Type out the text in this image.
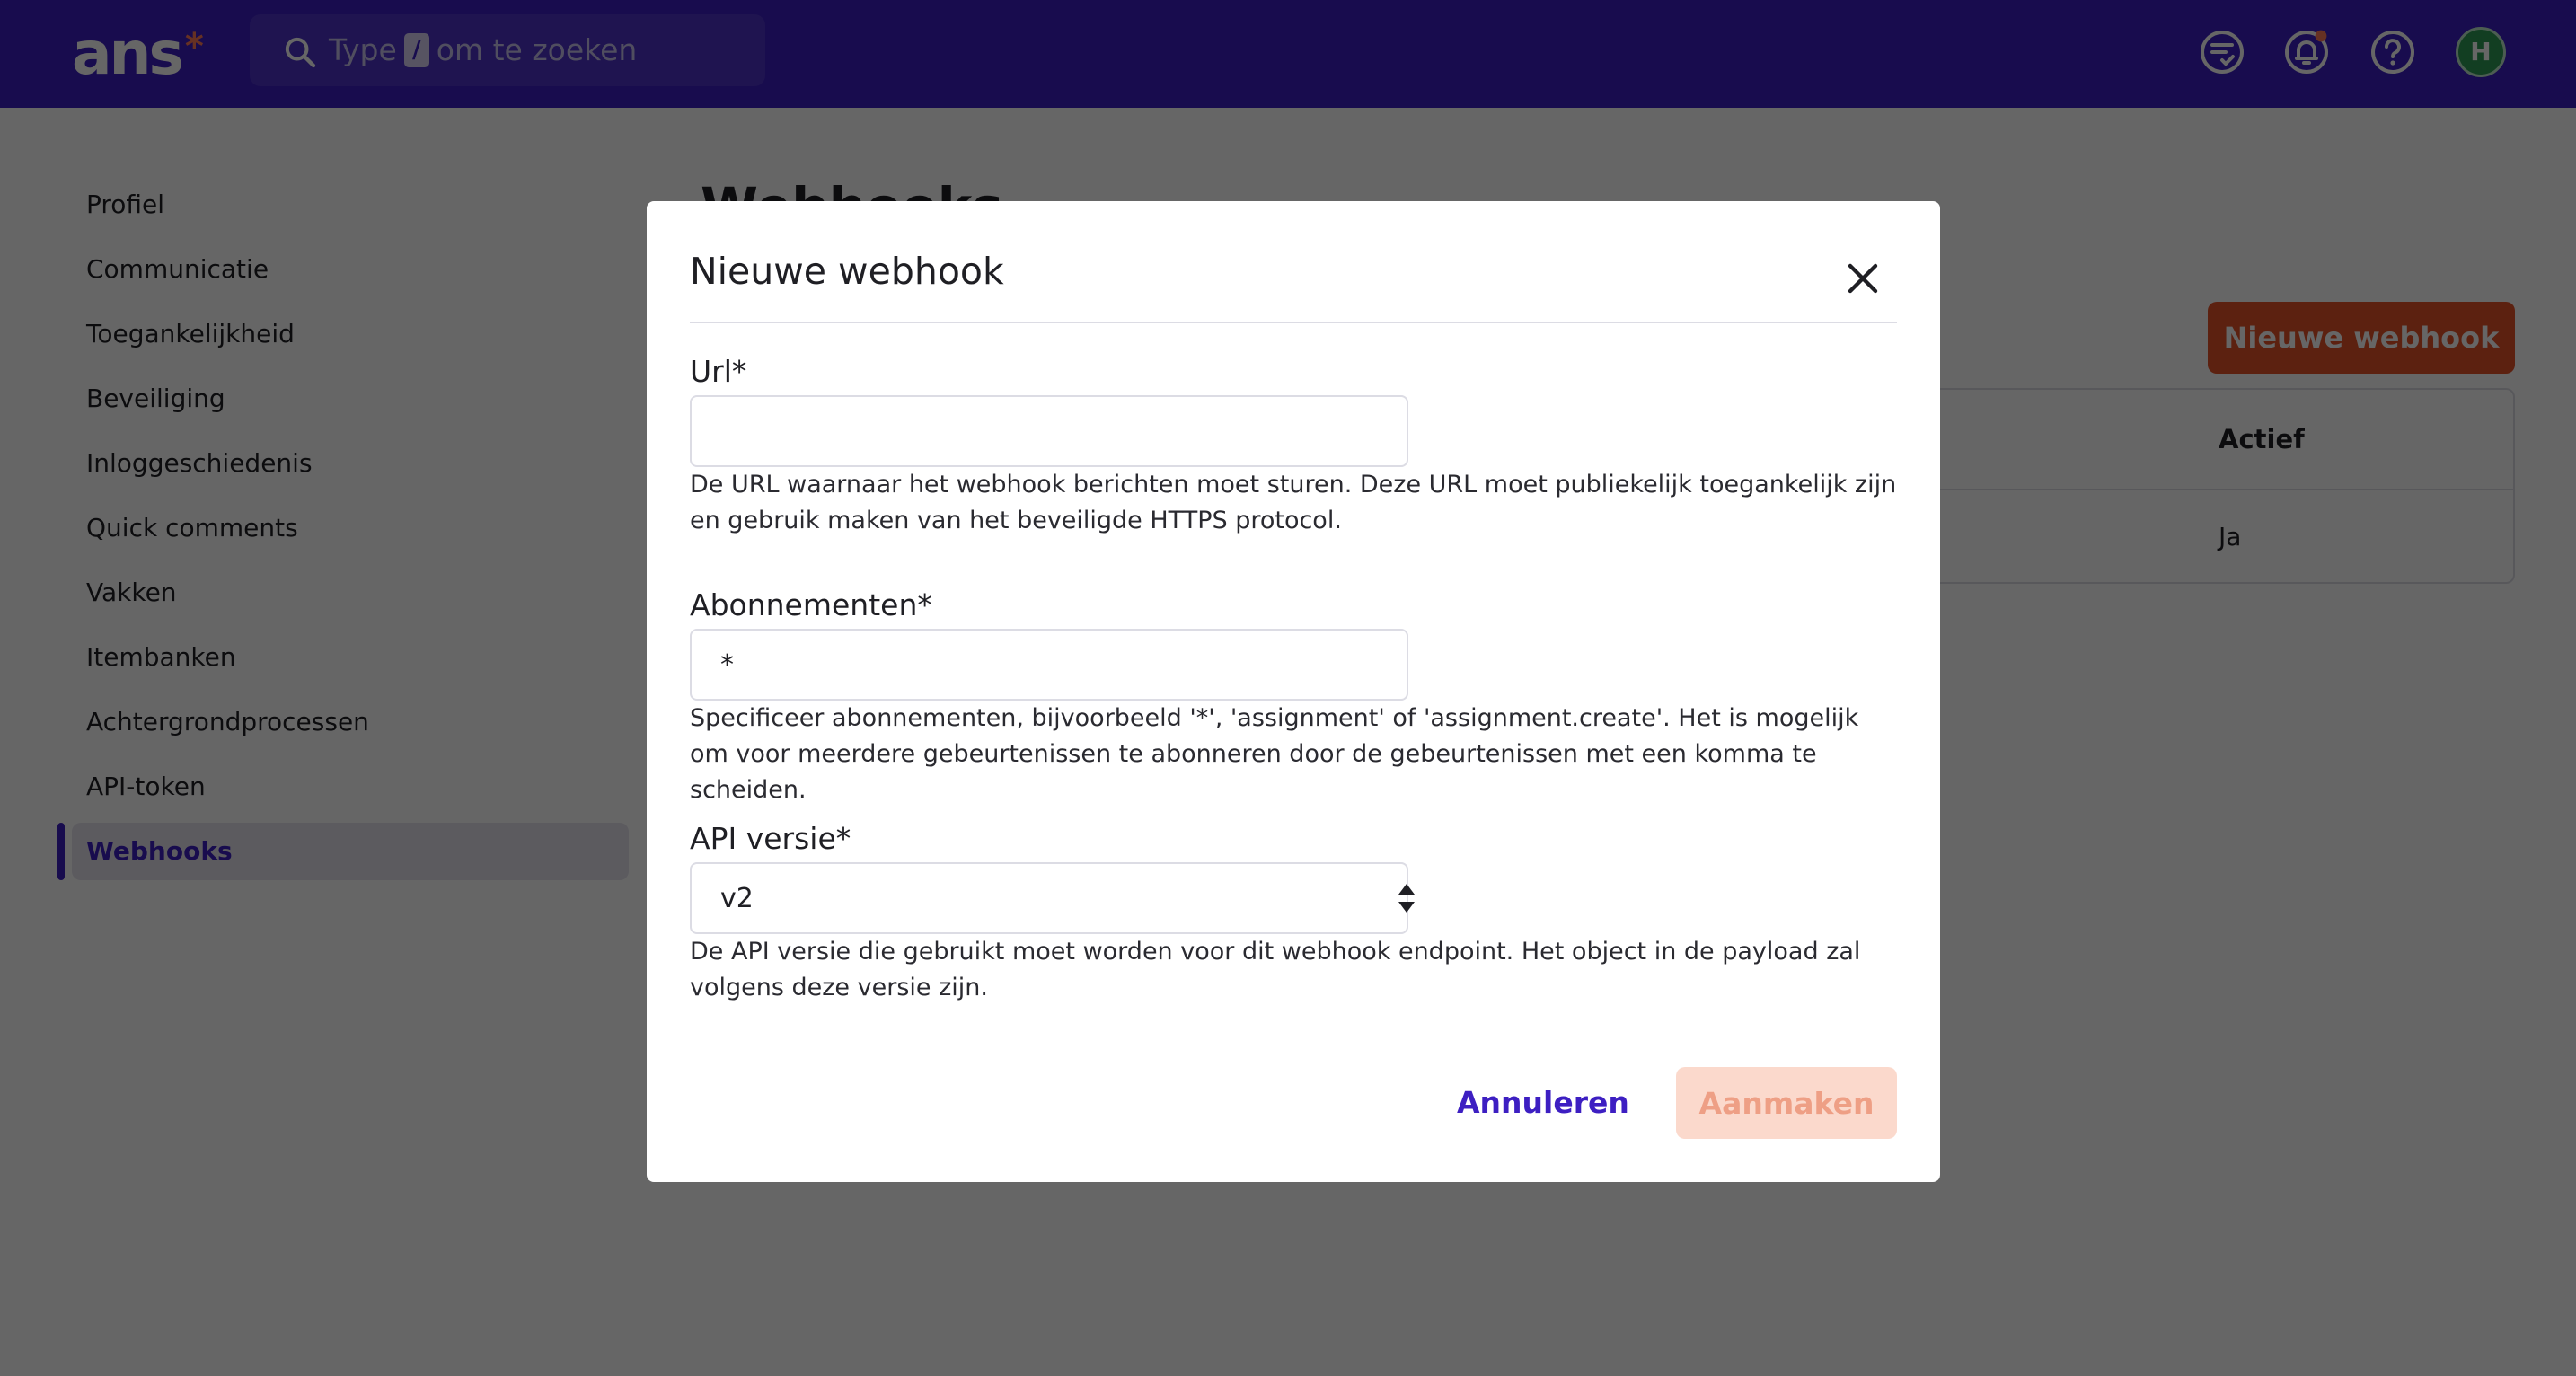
Nieuwe webhook
Url*
De URL waarnaar het webhook berichten moet sturen. Deze URL moet publiekelijk toegankelijk zijn en gebruik maken van het beveiligde HTTPS protocol.
Abonnementen*
*
Specificeer abonnementen, bijvoorbeeld '*', 'assignment' of 'assignment.create'. Het is mogelijk om voor meerdere gebeurtenissen te abonneren door de gebeurtenissen met een komma te scheiden.
API versie*
v2
De API versie die gebruikt moet worden voor dit webhook endpoint. Het object in de payload zal volgens deze versie zijn.
Annuleren	Aanmaken
